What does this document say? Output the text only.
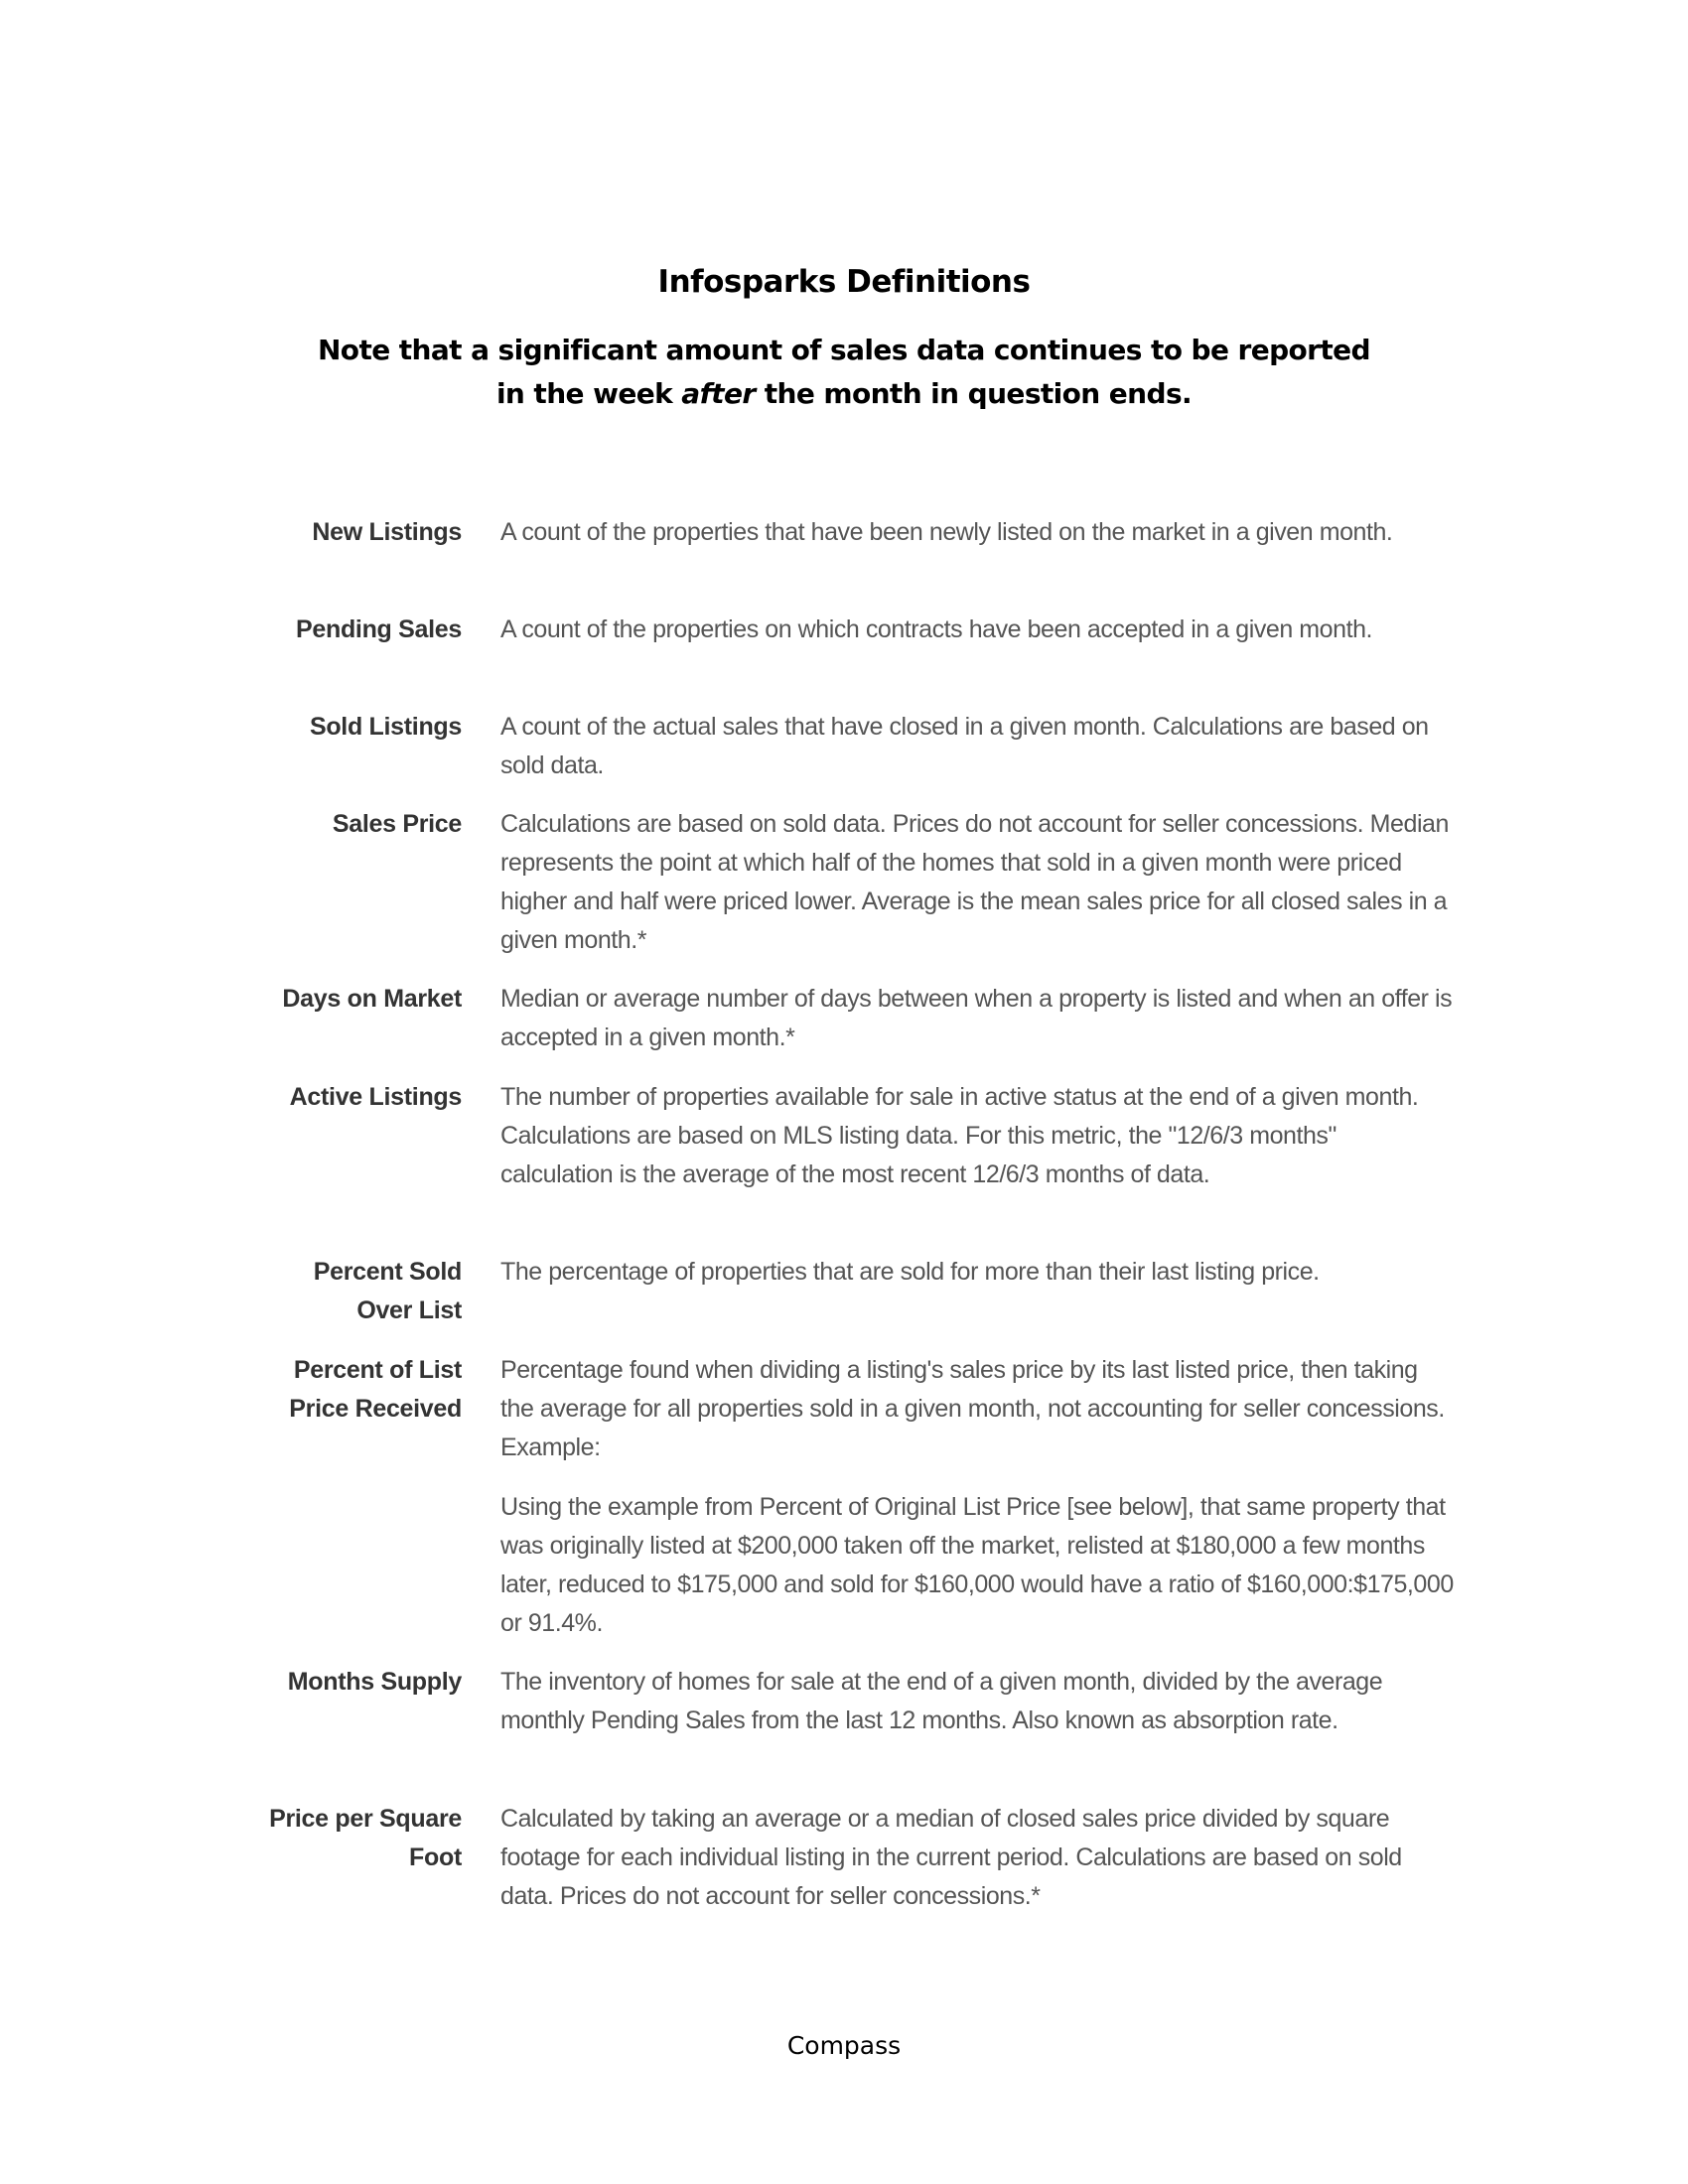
Infosparks Definitions
Note that a significant amount of sales data continues to be reported
in the week after the month in question ends.
New Listings A count of the properties that have been newly listed on the market in a given month.
Pending Sales A count of the properties on which contracts have been accepted in a given month.
Sold Listings A count of the actual sales that have closed in a given month. Calculations are based on sold data.
Sales Price Calculations are based on sold data. Prices do not account for seller concessions. Median represents the point at which half of the homes that sold in a given month were priced higher and half were priced lower. Average is the mean sales price for all closed sales in a given month.*
Days on Market Median or average number of days between when a property is listed and when an offer is accepted in a given month.*
Active Listings The number of properties available for sale in active status at the end of a given month. Calculations are based on MLS listing data. For this metric, the "12/6/3 months" calculation is the average of the most recent 12/6/3 months of data.
Percent Sold Over List
The percentage of properties that are sold for more than their last listing price.
Percent of List Price Received
Percentage found when dividing a listing's sales price by its last listed price, then taking the average for all properties sold in a given month, not accounting for seller concessions. Example:
Using the example from Percent of Original List Price [see below], that same property that was originally listed at $200,000 taken off the market, relisted at $180,000 a few months later, reduced to $175,000 and sold for $160,000 would have a ratio of $160,000:$175,000 or 91.4%.
Months Supply The inventory of homes for sale at the end of a given month, divided by the average monthly Pending Sales from the last 12 months. Also known as absorption rate.
Price per Square Foot
Calculated by taking an average or a median of closed sales price divided by square footage for each individual listing in the current period. Calculations are based on sold data. Prices do not account for seller concessions.*
Compass
